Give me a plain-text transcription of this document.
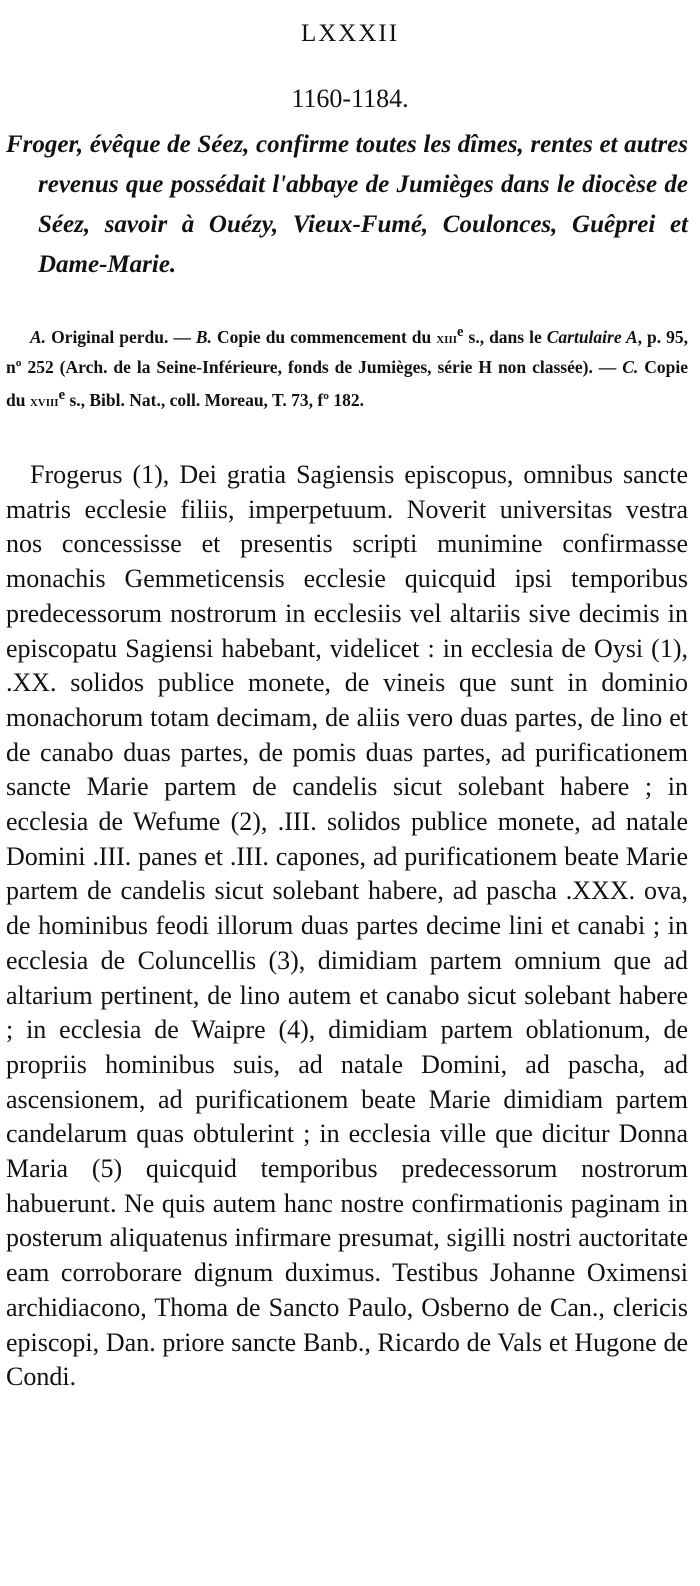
LXXXII
1160-1184.

Froger, évêque de Séez, confirme toutes les dîmes, rentes et autres revenus que possédait l'abbaye de Jumièges dans le diocèse de Séez, savoir à Ouézy, Vieux-Fumé, Coulonces, Guêprei et Dame-Marie.

A. Original perdu. — B. Copie du commencement du xiii$^e$ s., dans le Cartulaire A, p. 95, nº 252 (Arch. de la Seine-Inférieure, fonds de Jumièges, série H non classée). — C. Copie du xviii$^e$ s., Bibl. Nat., coll. Moreau, T. 73, fº 182.

Frogerus (1), Dei gratia Sagiensis episcopus, omnibus sancte matris ecclesie filiis, imperpetuum. Noverit universitas vestra nos concessisse et presentis scripti munimine confirmasse monachis Gemmeticensis ecclesie quicquid ipsi temporibus predecessorum nostrorum in ecclesiis vel altariis sive decimis in episcopatu Sagiensi habebant, videlicet : in ecclesia de Oysi (1), .XX. solidos publice monete, de vineis que sunt in dominio monachorum totam decimam, de aliis vero duas partes, de lino et de canabo duas partes, de pomis duas partes, ad purificationem sancte Marie partem de candelis sicut solebant habere ; in ecclesia de Wefume (2), .III. solidos publice monete, ad natale Domini .III. panes et .III. capones, ad purificationem beate Marie partem de candelis sicut solebant habere, ad pascha .XXX. ova, de hominibus feodi illorum duas partes decime lini et canabi ; in ecclesia de Coluncellis (3), dimidiam partem omnium que ad altarium pertinent, de lino autem et canabo sicut solebant habere ; in ecclesia de Waipre (4), dimidiam partem oblationum, de propriis hominibus suis, ad natale Domini, ad pascha, ad ascensionem, ad purificationem beate Marie dimidiam partem candelarum quas obtulerint ; in ecclesia ville que dicitur Donna Maria (5) quicquid temporibus predecessorum nostrorum habuerunt. Ne quis autem hanc nostre confirmationis paginam in posterum aliquatenus infirmare presumat, sigilli nostri auctoritate eam corroborare dignum duximus. Testibus Johanne Oximensi archidiacono, Thoma de Sancto Paulo, Osberno de Can., clericis episcopi, Dan. priore sancte Banb., Ricardo de Vals et Hugone de Condi.
